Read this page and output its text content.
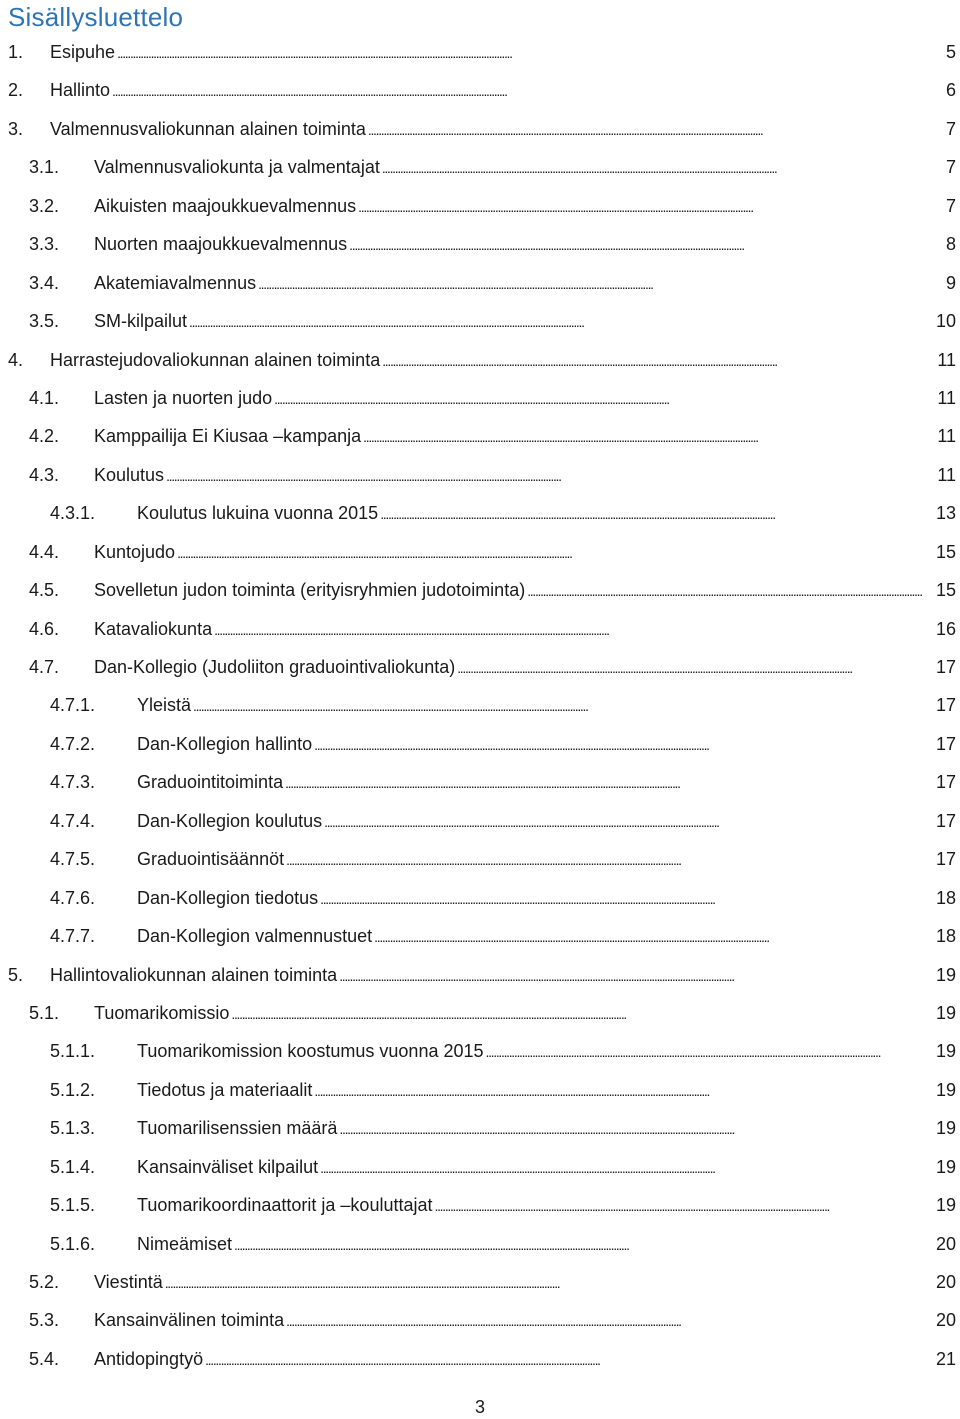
Sisällysluettelo
1. Esipuhe . . .	5
2. Hallinto . . .	6
3. Valmennusvaliokunnan alainen toiminta . . .	7
3.1. Valmennusvaliokunta ja valmentajat . . .	7
3.2. Aikuisten maajoukkuevalmennus . . .	7
3.3. Nuorten maajoukkuevalmennus . . .	8
3.4. Akatemiavalmennus . . .	9
3.5. SM-kilpailut . . .	10
4. Harrastejudovaliokunnan alainen toiminta . . .	11
4.1. Lasten ja nuorten judo . . .	11
4.2. Kamppailija Ei Kiusaa –kampanja . . .	11
4.3. Koulutus . . .	11
4.3.1. Koulutus lukuina vuonna 2015 . . .	13
4.4. Kuntojudo . . .	15
4.5. Sovelletun judon toiminta (erityisryhmien judotoiminta) . . .	15
4.6. Katavaliokunta . . .	16
4.7. Dan-Kollegio (Judoliiton graduointivaliokunta) . . .	17
4.7.1. Yleistä . . .	17
4.7.2. Dan-Kollegion hallinto . . .	17
4.7.3. Graduointitoiminta . . .	17
4.7.4. Dan-Kollegion koulutus . . .	17
4.7.5. Graduointisäännöt . . .	17
4.7.6. Dan-Kollegion tiedotus . . .	18
4.7.7. Dan-Kollegion valmennustuet . . .	18
5. Hallintovaliokunnan alainen toiminta . . .	19
5.1. Tuomarikomissio . . .	19
5.1.1. Tuomarikomission koostumus vuonna 2015 . . .	19
5.1.2. Tiedotus ja materiaalit . . .	19
5.1.3. Tuomarilisenssien määrä . . .	19
5.1.4. Kansainväliset kilpailut . . .	19
5.1.5. Tuomarikoordinaattorit ja –kouluttajat . . .	19
5.1.6. Nimeämiset . . .	20
5.2. Viestintä . . .	20
5.3. Kansainvälinen toiminta . . .	20
5.4. Antidopingtyö . . .	21
3
